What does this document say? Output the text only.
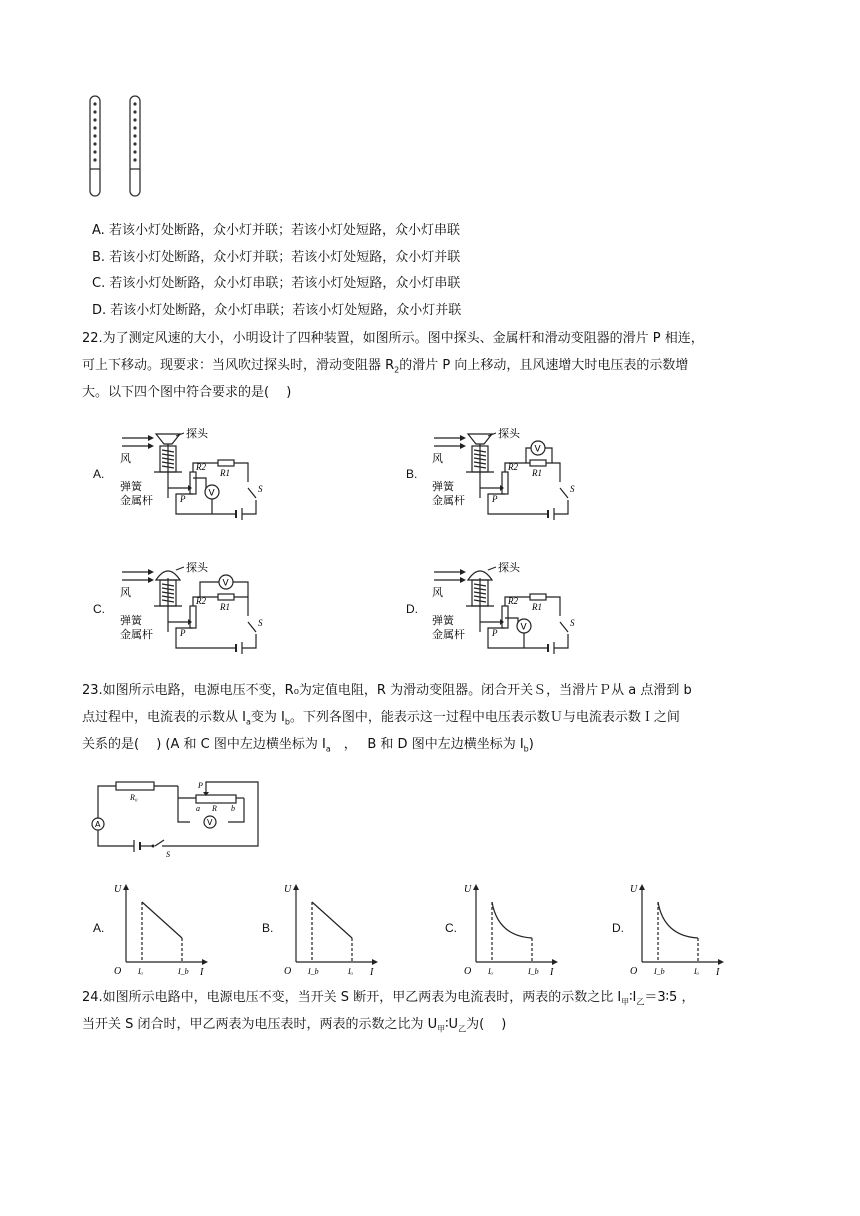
A. 若该小灯处断路，众小灯并联；若该小灯处短路，众小灯串联
B. 若该小灯处断路，众小灯并联；若该小灯处短路，众小灯并联
C. 若该小灯处断路，众小灯串联；若该小灯处短路，众小灯串联
D. 若该小灯处断路，众小灯串联；若该小灯处短路，众小灯并联
22.为了测定风速的大小，小明设计了四种装置，如图所示。图中探头、金属杆和滑动变阻器的滑片 P 相连，
可上下移动。现要求：当风吹过探头时，滑动变阻器 $R_2$的滑片 P 向上移动，且风速增大时电压表的示数增
大。以下四个图中符合要求的是(　 )
A.	B.
C.	D.
V
探头
风
弹簧
金属杆
R2
R1
P
S
V
探头
风
弹簧
金属杆
R2
R1
P
S
V
探头
风
弹簧
金属杆
R2
R1
P
S	V
探头
风
弹簧
金属杆
R2
R1
P
S
23.如图所示电路，电源电压不变，R₀为定值电阻，R 为滑动变阻器。闭合开关Ｓ，当滑片Ｐ从 a 点滑到 b
点过程中，电流表的示数从 $I_a$变为 $I_b$。下列各图中，能表示这一过程中电压表示数Ｕ与电流表示数Ｉ之间
关系的是(　 ) (A 和 C 图中左边横坐标为 $I_a$　，　 B 和 D 图中左边横坐标为 $I_b$)
A	V
R₀
R
P
a	b
S
A.	B.	C.	D.
U
O	I
Iₐ	I_b
U
O	I
I_b	Iₐ
U
O	I
Iₐ	I_b
U
O	I
I_b	Iₐ
24.如图所示电路中，电源电压不变，当开关 S 断开，甲乙两表为电流表时，两表的示数之比 $I_甲∶I_乙=3∶5$ ，
当开关 S 闭合时，甲乙两表为电压表时，两表的示数之比为 $U_甲∶U_乙$为(　 )
